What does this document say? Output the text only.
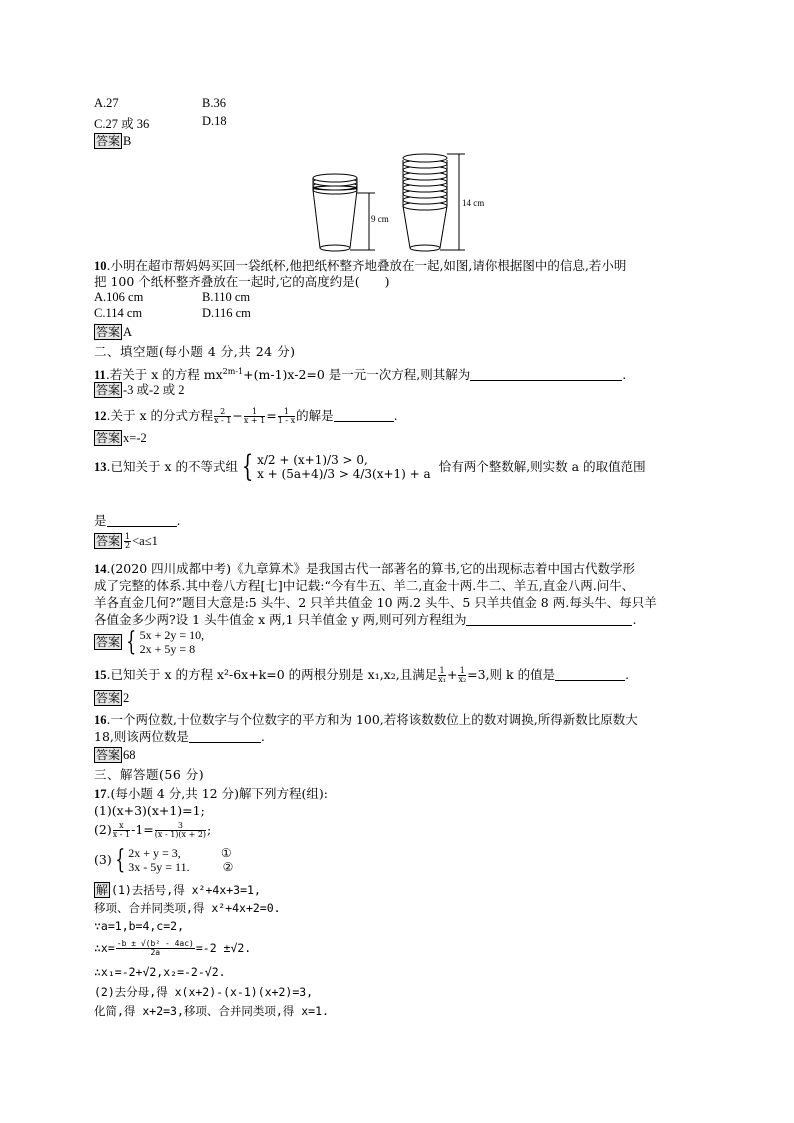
A.27	B.36
C.27 或 36	D.18
答案 B
9 cm
14 cm
10.小明在超市帮妈妈买回一袋纸杯,他把纸杯整齐地叠放在一起,如图,请你根据图中的信息,若小明
把 100 个纸杯整齐叠放在一起时,它的高度约是(　　)
A.106 cm	B.110 cm
C.114 cm	D.116 cm
答案 A
二、填空题(每小题 4 分,共 24 分)
11.若关于 x 的方程 $mx^{2m-1}+(m-1)x-2=0$ 是一元一次方程,则其解为	.
答案 -3 或-2 或 2
12.关于 x 的分式方程 $\frac{2}{x - 1} - \frac{1}{x + 1} = \frac{1}{1 - x}$ 的解是	.
答案 x=-2
13.已知关于 x 的不等式组 { x/2 + (x+1)/3 > 0,
x + (5a+4)/3 > 4/3(x+1) + a 恰有两个整数解,则实数 a 的取值范围
是	.
答案 $\frac{1}{2} <a\le 1$
14.(2020 四川成都中考)《九章算术》是我国古代一部著名的算书,它的出现标志着中国古代数学形
成了完整的体系.其中卷八方程[七]中记载:“今有牛五、羊二,直金十两.牛二、羊五,直金八两.问牛、
羊各直金几何?”题目大意是:5 头牛、2 只羊共值金 10 两.2 头牛、5 只羊共值金 8 两.每头牛、每只羊
各值金多少两?设 1 头牛值金 x 两,1 只羊值金 y 两,则可列方程组为	.
答案 { 5x + 2y = 10,
2x + 5y = 8
15.已知关于 x 的方程 x²-6x+k=0 的两根分别是 x₁,x₂,且满足 $\frac{1}{\text{x₁}} + \frac{1}{\text{x₂}} =3$,则 k 的值是	.
答案 2
16.一个两位数,十位数字与个位数字的平方和为 100,若将该数数位上的数对调换,所得新数比原数大
18,则该两位数是	.
答案 68
三、解答题(56 分)
17.(每小题 4 分,共 12 分)解下列方程(组):
(1)(x+3)(x+1)=1;
$(2) \frac{x}{x - 1} -1= \frac{3}{(x - 1)(x + 2)}$ ;
(3) { 2x + y = 3,	①
3x - 5y = 11.	②
解 (1)去括号,得 x²+4x+3=1,
移项、合并同类项,得 x²+4x+2=0.
∵a=1,b=4,c=2,
∴x= $\frac{\text{-b ± √(b² - 4ac)}}{2a} =-2 \pm√2$.
∴x₁=-2+√2,x₂=-2-√2.
(2)去分母,得 x(x+2)-(x-1)(x+2)=3,
化简,得 x+2=3,移项、合并同类项,得 x=1.
